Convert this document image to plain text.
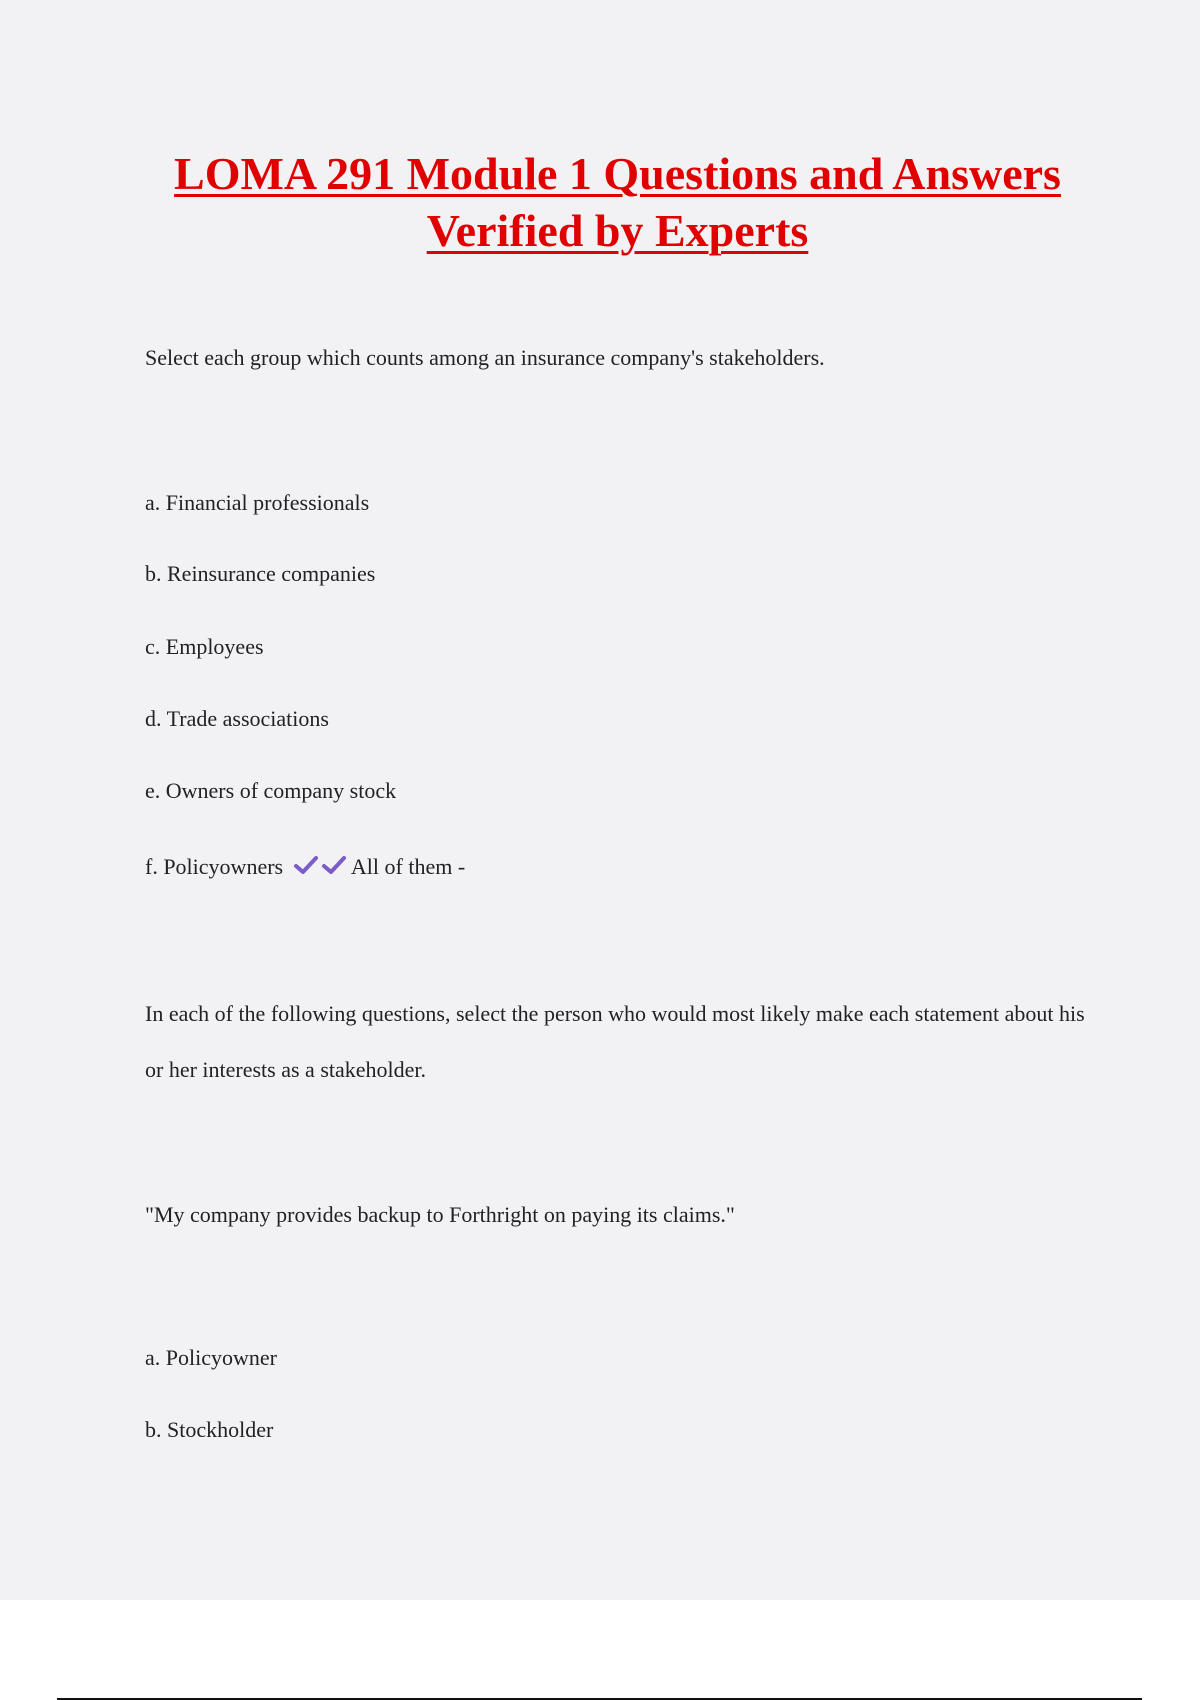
LOMA 291 Module 1 Questions and Answers
Verified by Experts
Select each group which counts among an insurance company's stakeholders.
a. Financial professionals
b. Reinsurance companies
c. Employees
d. Trade associations
e. Owners of company stock
f. Policyowners	All of them -
In each of the following questions, select the person who would most likely make each statement about his or her interests as a stakeholder.
"My company provides backup to Forthright on paying its claims."
a. Policyowner
b. Stockholder
